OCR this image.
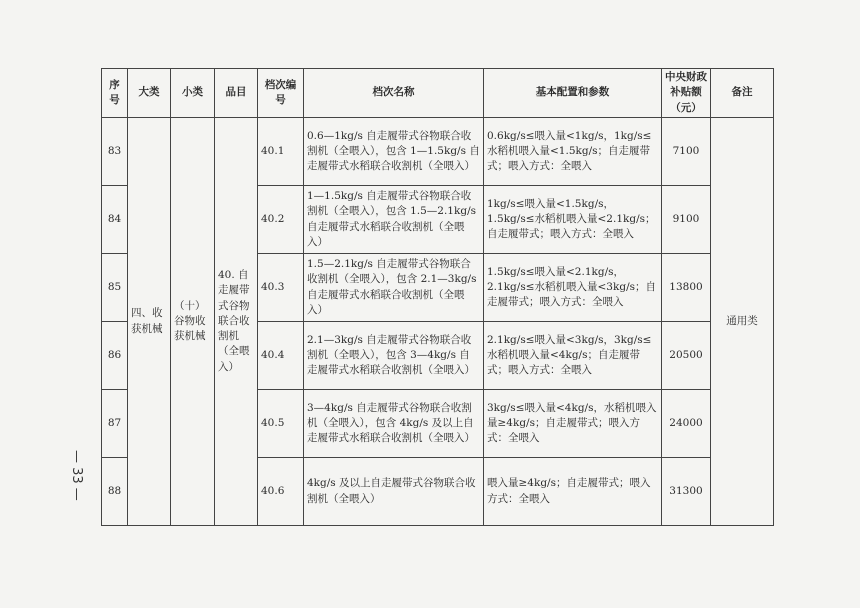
— 33 —
序号	大类	小类	品目	档次编号	档次名称	基本配置和参数	中央财政补贴额（元）	备注
83	四、收获机械	（十）谷物收获机械	40. 自走履带式谷物联合收割机（全喂入）	40.1	0.6—1kg/s 自走履带式谷物联合收割机（全喂入），包含 1—1.5kg/s 自走履带式水稻联合收割机（全喂入）	0.6kg/s≤喂入量<1kg/s，1kg/s≤水稻机喂入量<1.5kg/s；自走履带式；喂入方式：全喂入	7100	通用类
84				40.2	1—1.5kg/s 自走履带式谷物联合收割机（全喂入），包含 1.5—2.1kg/s 自走履带式水稻联合收割机（全喂入）	1kg/s≤喂入量<1.5kg/s，1.5kg/s≤水稻机喂入量<2.1kg/s；自走履带式；喂入方式：全喂入	9100	
85				40.3	1.5—2.1kg/s 自走履带式谷物联合收割机（全喂入），包含 2.1—3kg/s 自走履带式水稻联合收割机（全喂入）	1.5kg/s≤喂入量<2.1kg/s，2.1kg/s≤水稻机喂入量<3kg/s；自走履带式；喂入方式：全喂入	13800	
86				40.4	2.1—3kg/s 自走履带式谷物联合收割机（全喂入），包含 3—4kg/s 自走履带式水稻联合收割机（全喂入）	2.1kg/s≤喂入量<3kg/s，3kg/s≤水稻机喂入量<4kg/s；自走履带式；喂入方式：全喂入	20500	
87				40.5	3—4kg/s 自走履带式谷物联合收割机（全喂入），包含 4kg/s 及以上自走履带式水稻联合收割机（全喂入）	3kg/s≤喂入量<4kg/s，水稻机喂入量≥4kg/s；自走履带式；喂入方式：全喂入	24000	
88				40.6	4kg/s 及以上自走履带式谷物联合收割机（全喂入）	喂入量≥4kg/s；自走履带式；喂入方式：全喂入	31300	
